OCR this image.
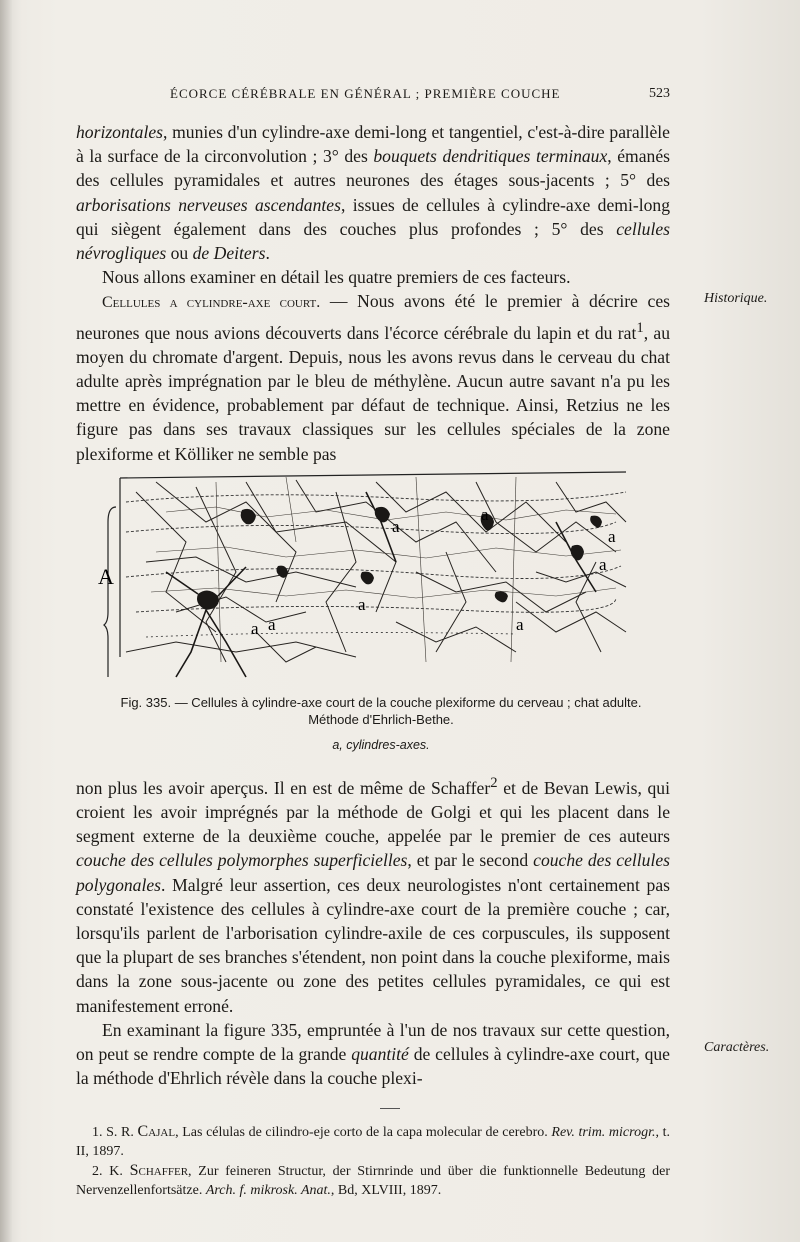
ÉCORCE CÉRÉBRALE EN GÉNÉRAL ; PREMIÈRE COUCHE	523

horizontales, munies d'un cylindre-axe demi-long et tangentiel, c'est-à-dire parallèle à la surface de la circonvolution ; 3° des bouquets dendritiques terminaux, émanés des cellules pyramidales et autres neurones des étages sous-jacents ; 5° des arborisations nerveuses ascendantes, issues de cellules à cylindre-axe demi-long qui siègent également dans des couches plus profondes ; 5° des cellules névrogliques ou de Deiters.

Nous allons examiner en détail les quatre premiers de ces facteurs.

Cellules a cylindre-axe court. — Nous avons été le premier à décrire ces neurones que nous avions découverts dans l'écorce cérébrale du lapin et du rat$^1$, au moyen du chromate d'argent. Depuis, nous les avons revus dans le cerveau du chat adulte après imprégnation par le bleu de méthylène. Aucun autre savant n'a pu les mettre en évidence, probablement par défaut de technique. Ainsi, Retzius ne les figure pas dans ses travaux classiques sur les cellules spéciales de la zone plexiforme et Kölliker ne semble pas

Historique.
A
a
a
a
a
a
a a	a
Fig. 335. — Cellules à cylindre-axe court de la couche plexiforme du cerveau ; chat adulte. Méthode d'Ehrlich-Bethe.
a, cylindres-axes.

non plus les avoir aperçus. Il en est de même de Schaffer$^2$ et de Bevan Lewis, qui croient les avoir imprégnés par la méthode de Golgi et qui les placent dans le segment externe de la deuxième couche, appelée par le premier de ces auteurs couche des cellules polymorphes superficielles, et par le second couche des cellules polygonales. Malgré leur assertion, ces deux neurologistes n'ont certainement pas constaté l'existence des cellules à cylindre-axe court de la première couche ; car, lorsqu'ils parlent de l'arborisation cylindre-axile de ces corpuscules, ils supposent que la plupart de ses branches s'étendent, non point dans la couche plexiforme, mais dans la zone sous-jacente ou zone des petites cellules pyramidales, ce qui est manifestement erroné.

En examinant la figure 335, empruntée à l'un de nos travaux sur cette question, on peut se rendre compte de la grande quantité de cellules à cylindre-axe court, que la méthode d'Ehrlich révèle dans la couche plexi-

Caractères.

1. S. R. Cajal, Las células de cilindro-eje corto de la capa molecular de cerebro. Rev. trim. microgr., t. II, 1897.

2. K. Schaffer, Zur feineren Structur, der Stirnrinde und über die funktionnelle Bedeutung der Nervenzellenfortsätze. Arch. f. mikrosk. Anat., Bd, XLVIII, 1897.
